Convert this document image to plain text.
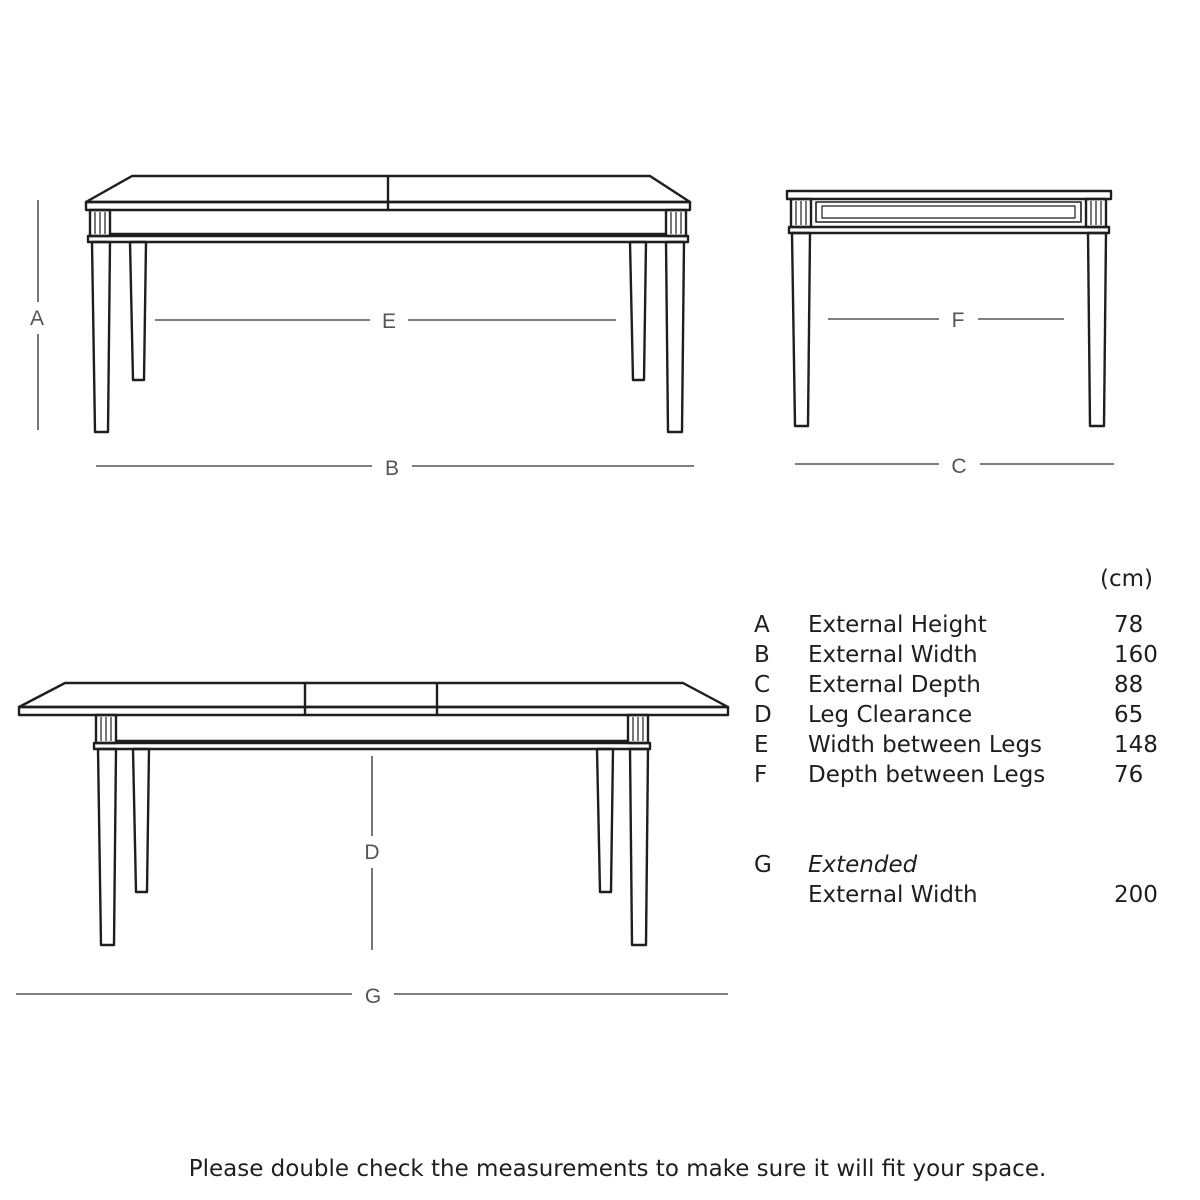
A	E
B
F
C
D
G
(cm)
A External Height	78
B External Width	160
C External Depth	88
D Leg Clearance	65
E Width between Legs	148
F Depth between Legs	76
G Extended
External Width	200
Please double check the measurements to make sure it will fit your space.
